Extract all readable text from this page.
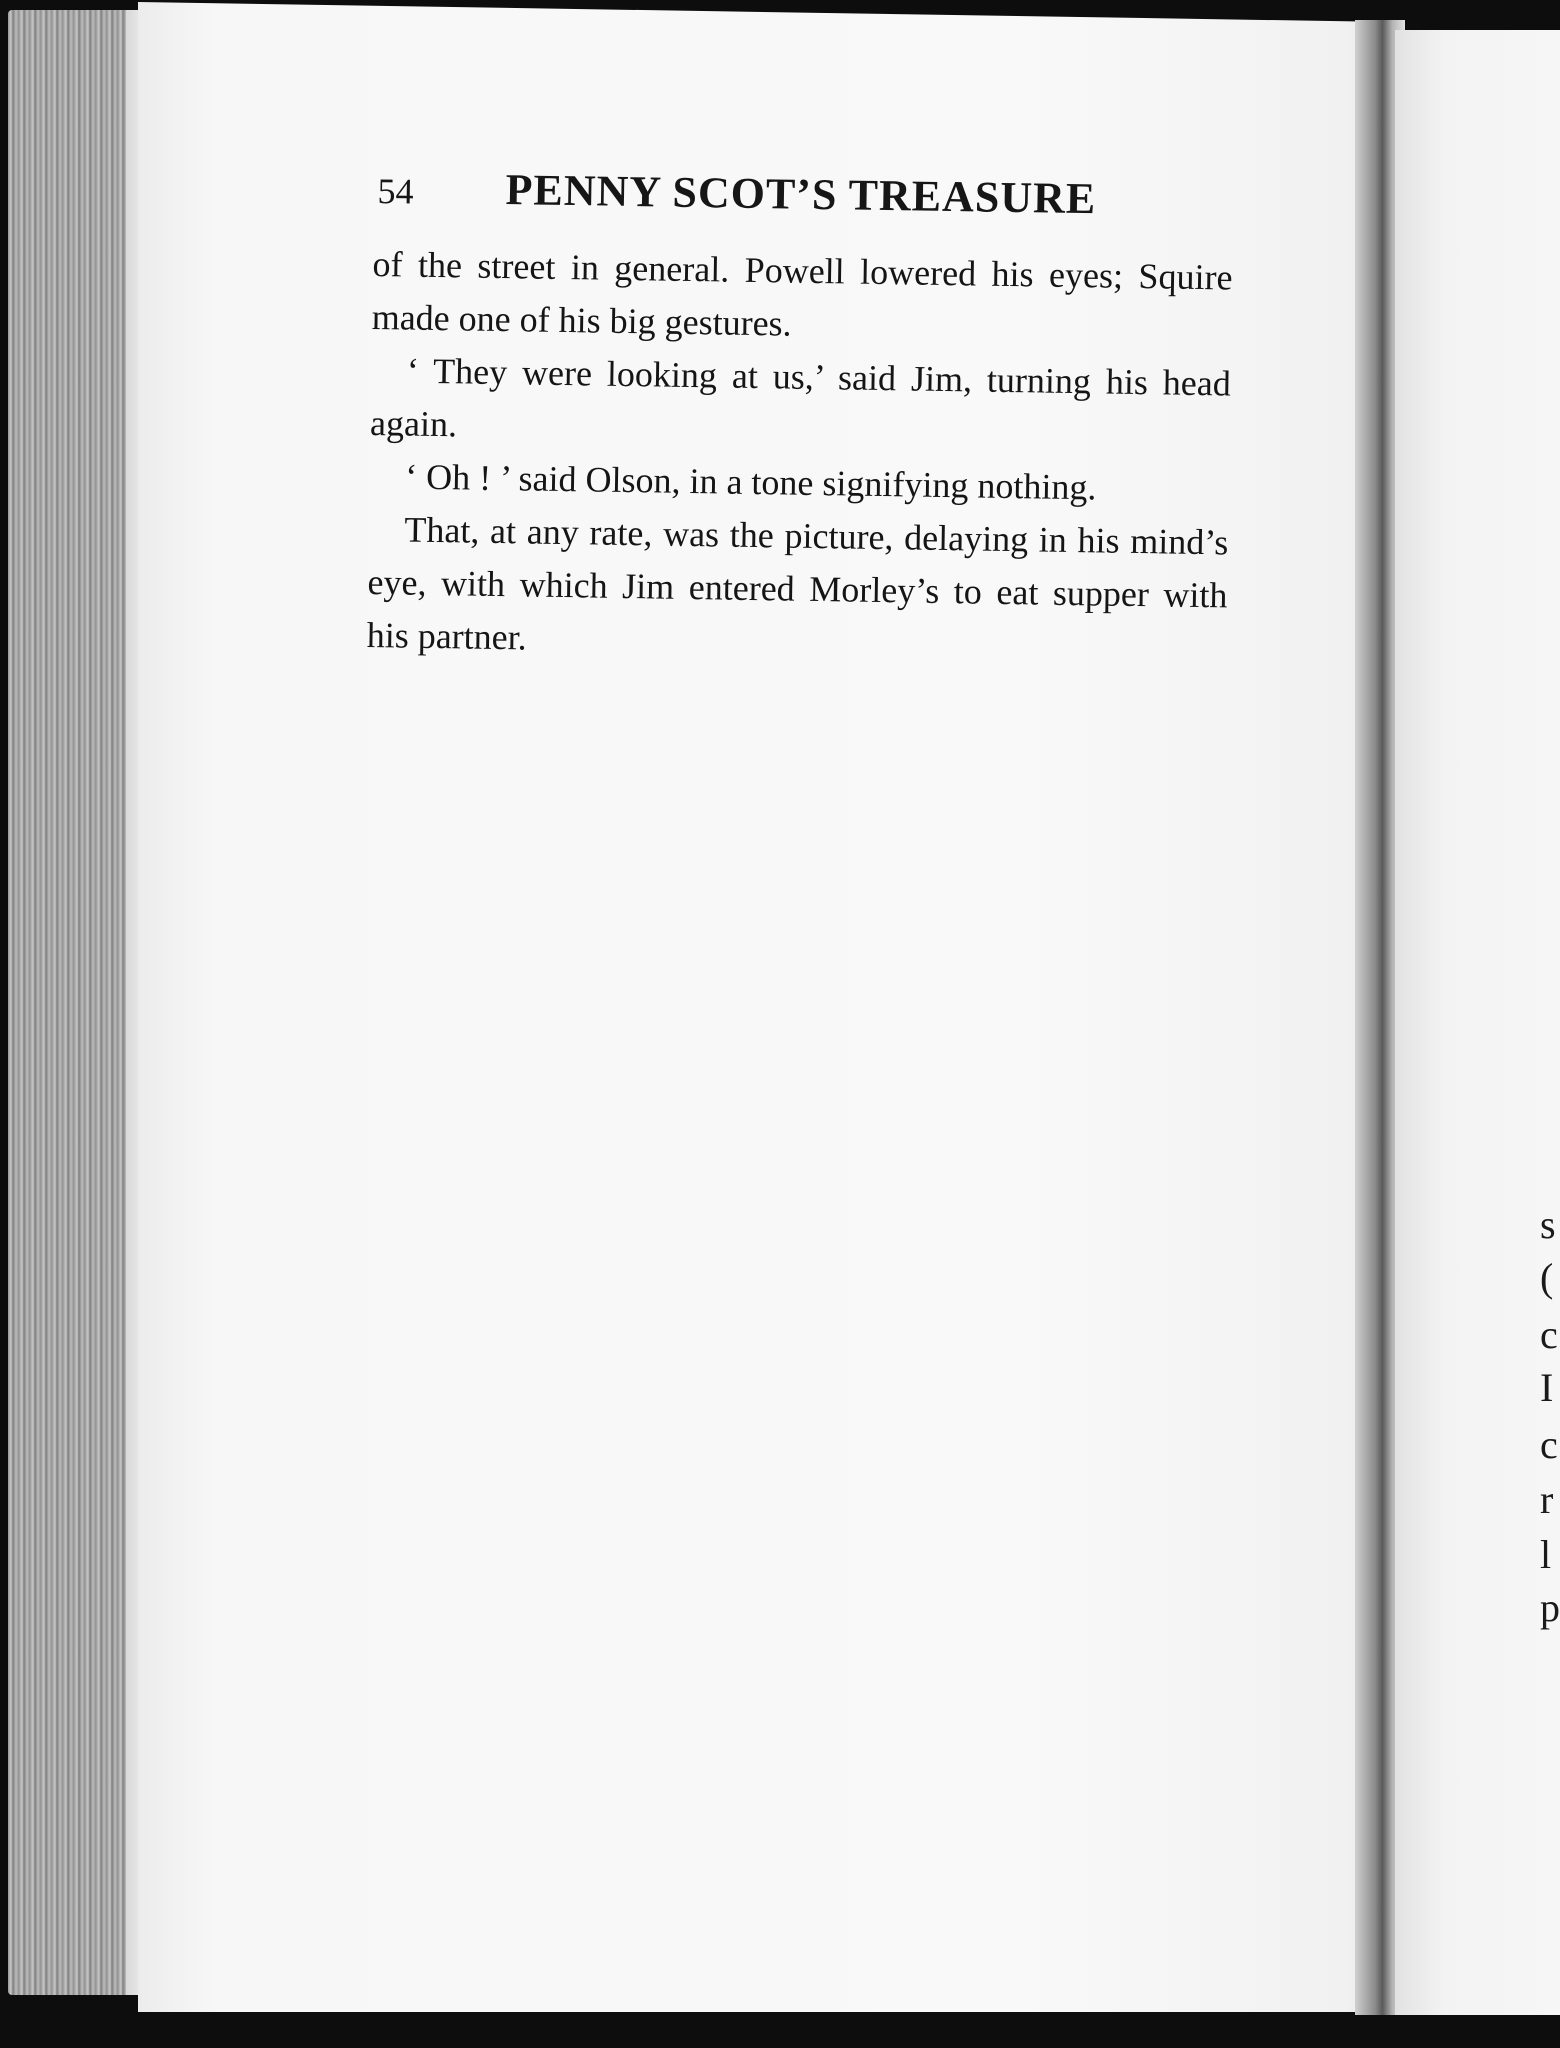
s
(
c
I
c
r
l
p
54 PENNY SCOT’S TREASURE

of the street in general. Powell lowered his eyes; Squire made one of his big gestures.

‘ They were looking at us,’ said Jim, turning his head again.

‘ Oh ! ’ said Olson, in a tone signifying nothing.

That, at any rate, was the picture, delaying in his mind’s eye, with which Jim entered Morley’s to eat supper with his partner.
